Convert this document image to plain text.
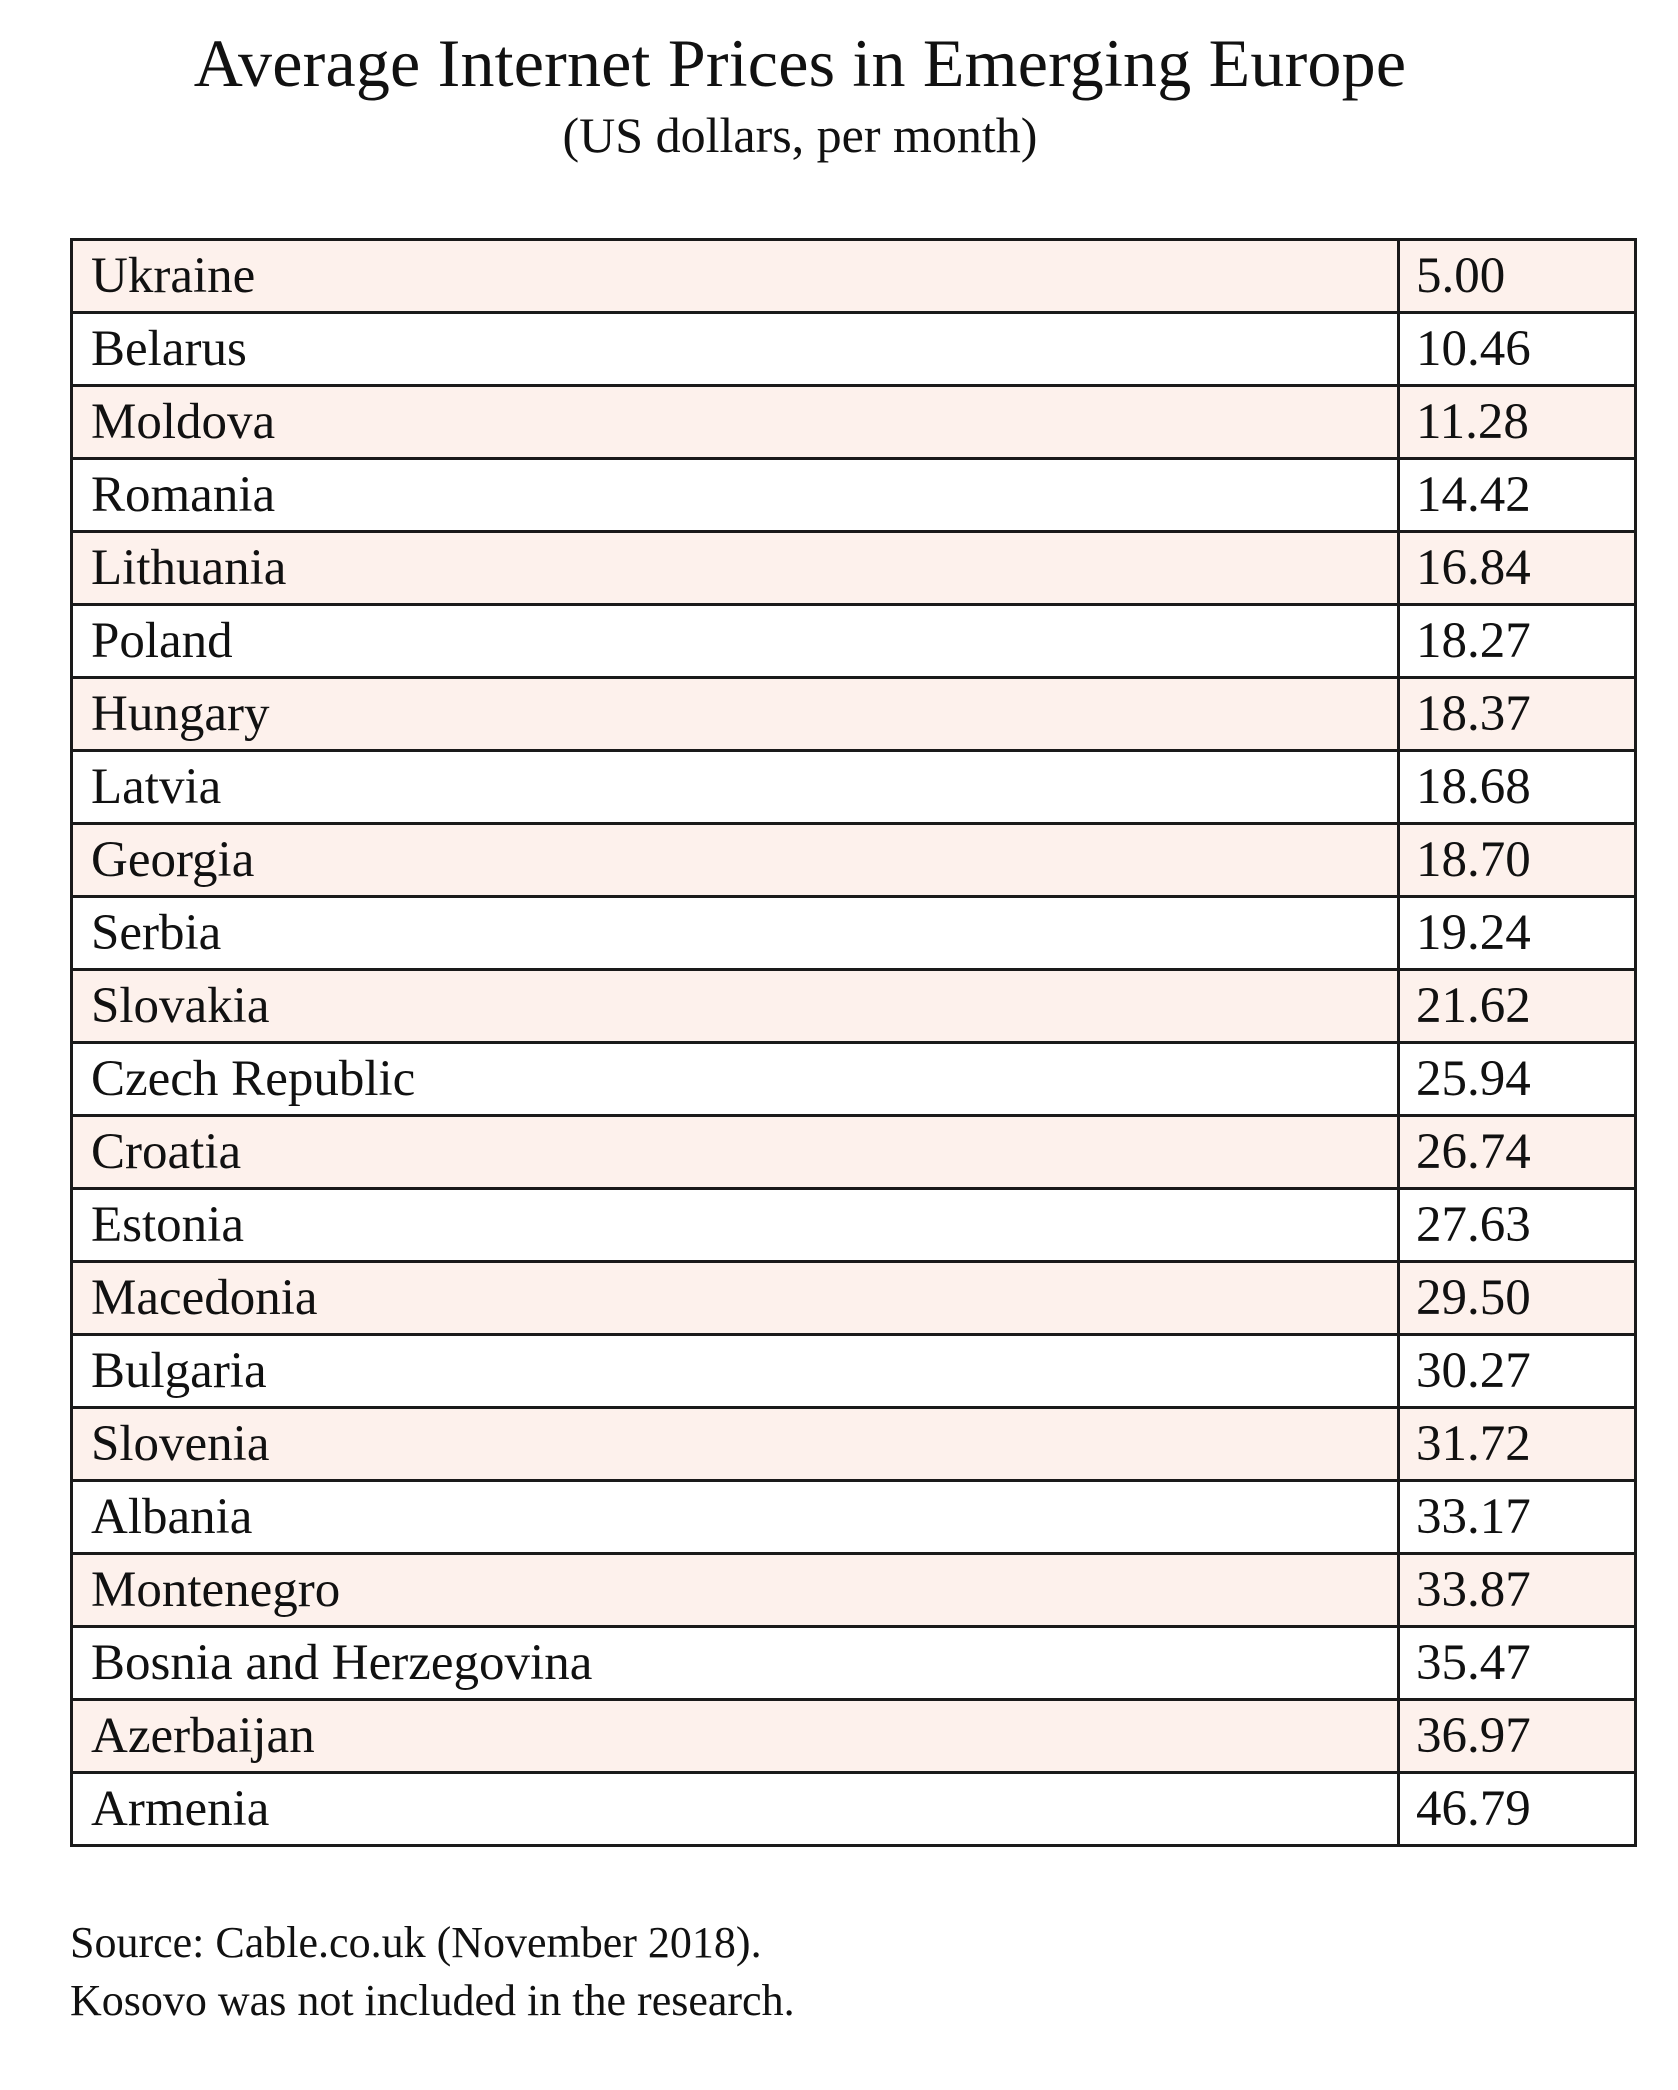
Average Internet Prices in Emerging Europe
(US dollars, per month)
Ukraine	5.00
Belarus	10.46
Moldova	11.28
Romania	14.42
Lithuania	16.84
Poland	18.27
Hungary	18.37
Latvia	18.68
Georgia	18.70
Serbia	19.24
Slovakia	21.62
Czech Republic	25.94
Croatia	26.74
Estonia	27.63
Macedonia	29.50
Bulgaria	30.27
Slovenia	31.72
Albania	33.17
Montenegro	33.87
Bosnia and Herzegovina	35.47
Azerbaijan	36.97
Armenia	46.79
Source: Cable.co.uk (November 2018).
Kosovo was not included in the research.
